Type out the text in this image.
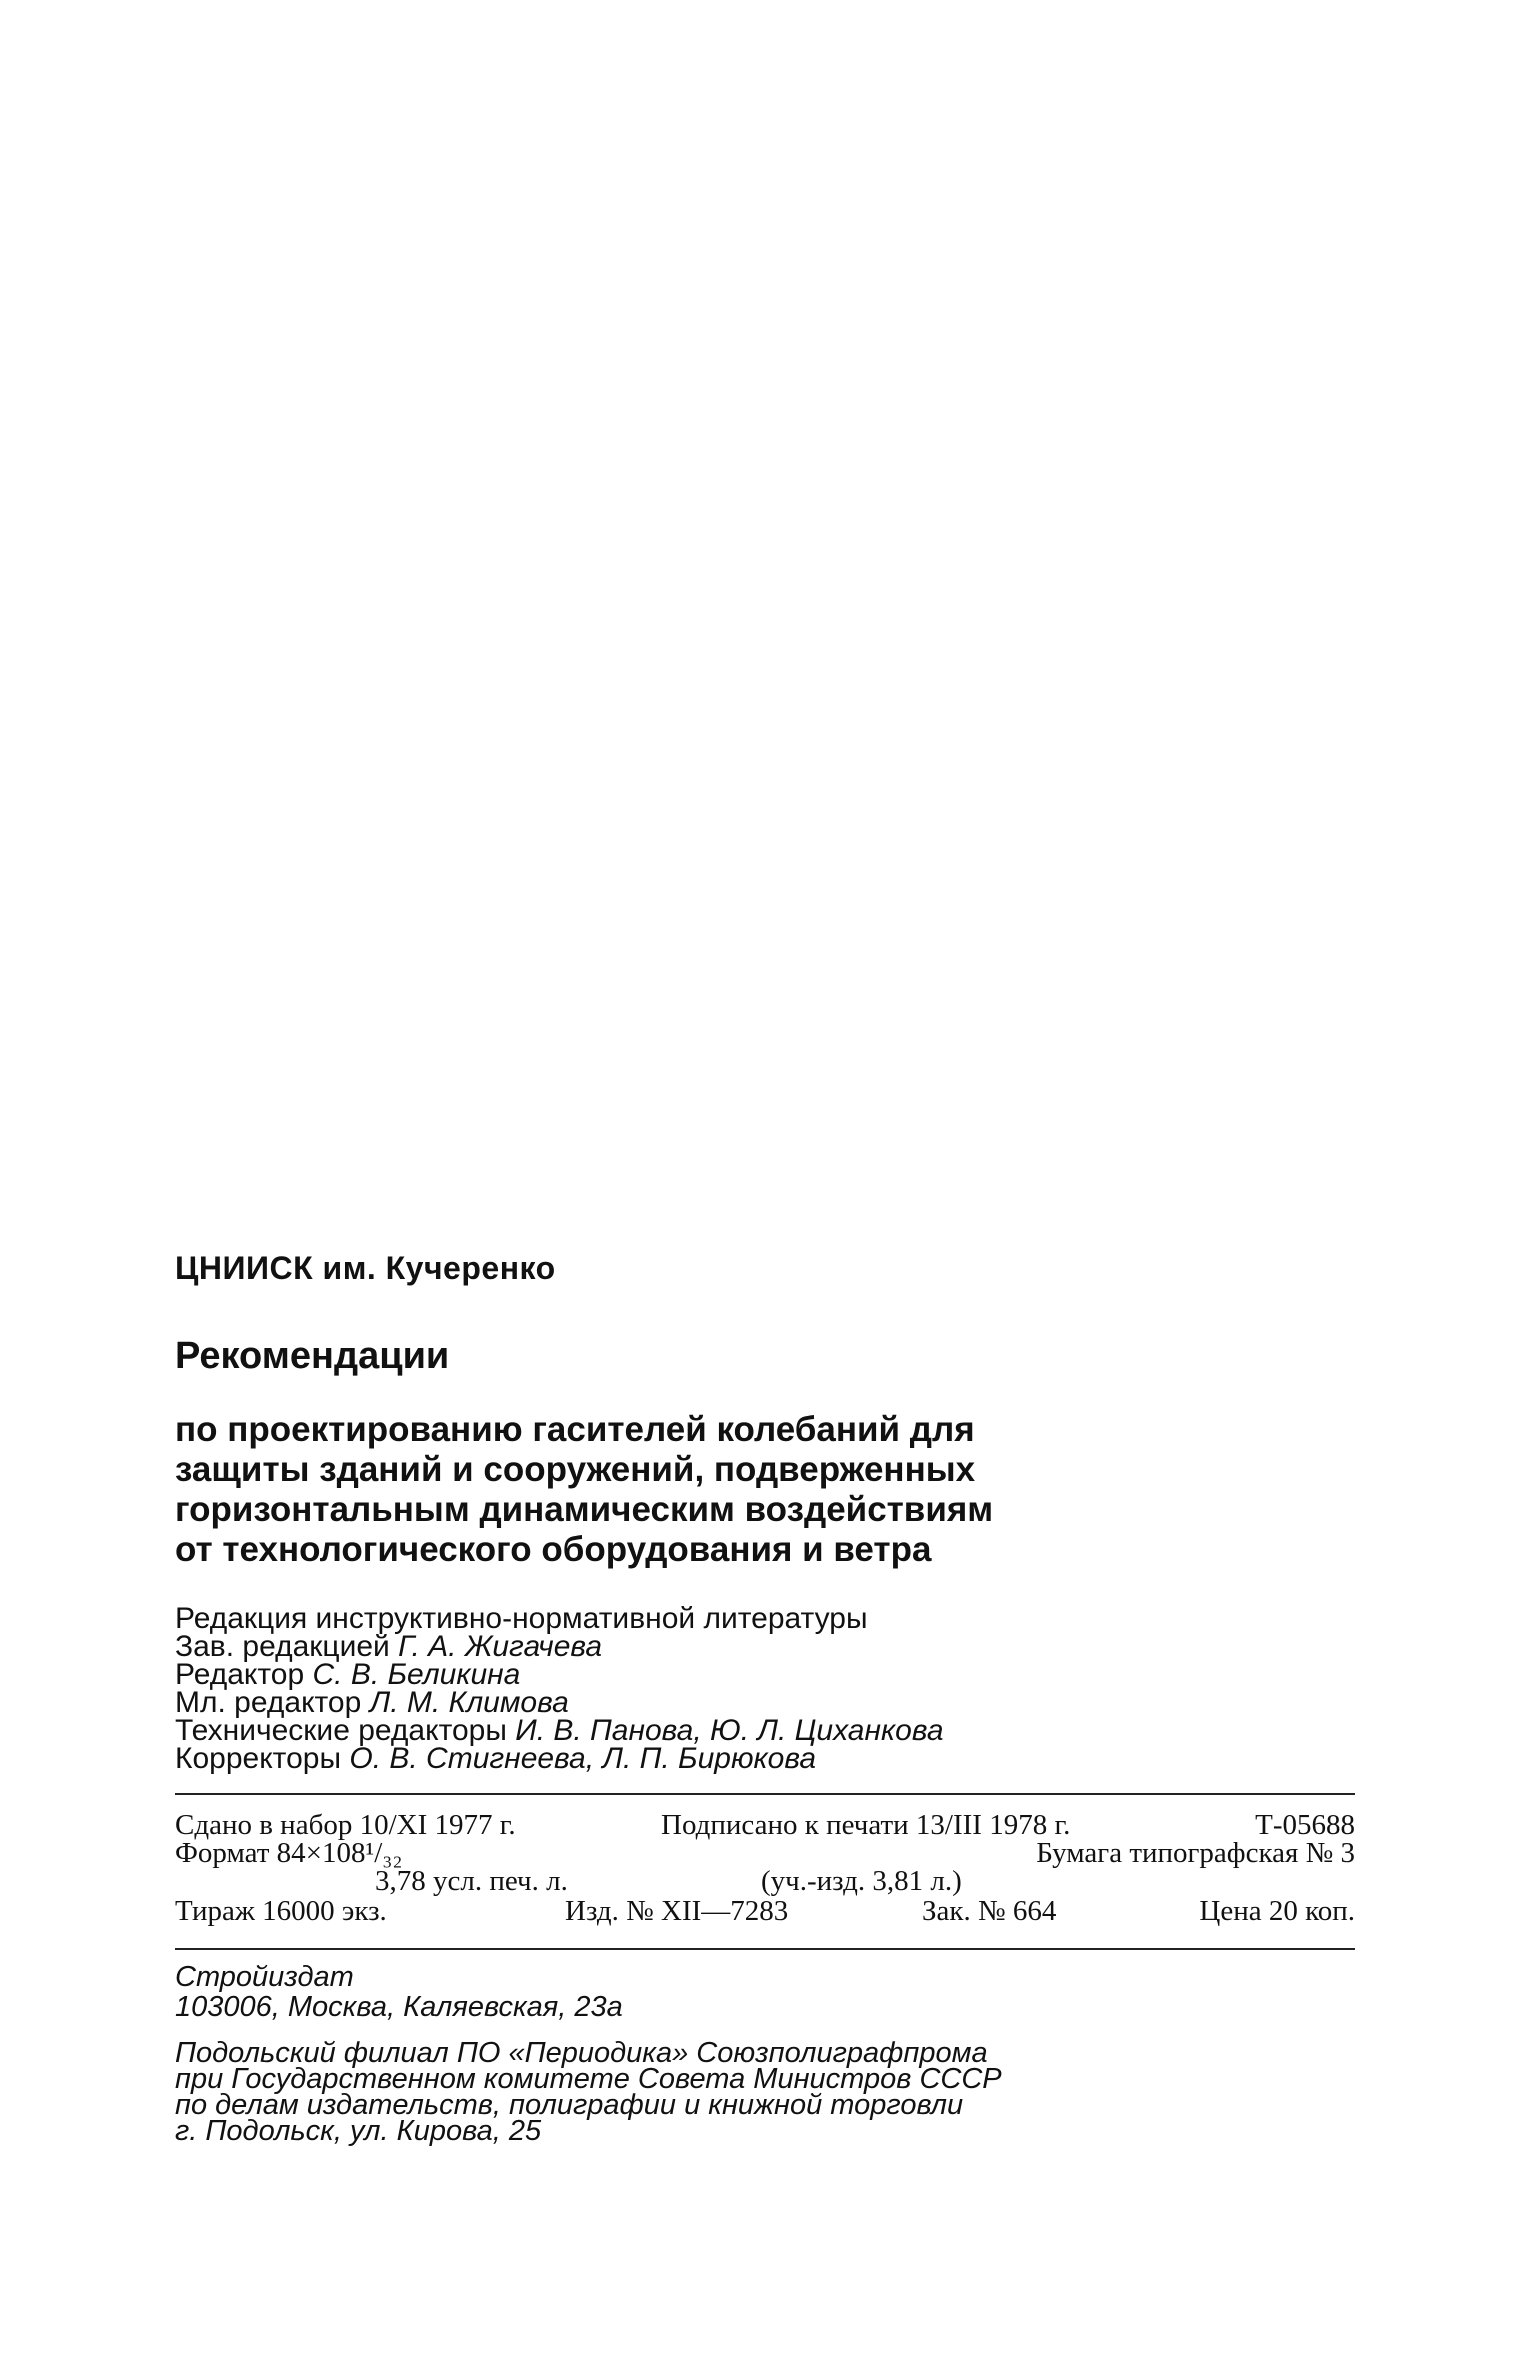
ЦНИИСК им. Кучеренко
Рекомендации
по проектированию гасителей колебаний для
защиты зданий и сооружений, подверженных
горизонтальным динамическим воздействиям
от технологического оборудования и ветра
Редакция инструктивно-нормативной литературы
Зав. редакцией Г. А. Жигачева
Редактор С. В. Беликина
Мл. редактор Л. М. Климова
Технические редакторы И. В. Панова, Ю. Л. Циханкова
Корректоры О. В. Стигнеева, Л. П. Бирюкова
Сдано в набор 10/XI 1977 г.	Подписано к печати 13/III 1978 г.	Т-05688
Формат 84×108¹/₃₂	Бумага типографская № 3
3,78 усл. печ. л.	(уч.-изд. 3,81 л.)
Тираж 16000 экз.	Изд. № XII—7283	Зак. № 664	Цена 20 коп.
Стройиздат
103006, Москва, Каляевская, 23а
Подольский филиал ПО «Периодика» Союзполиграфпрома
при Государственном комитете Совета Министров СССР
по делам издательств, полиграфии и книжной торговли
г. Подольск, ул. Кирова, 25
